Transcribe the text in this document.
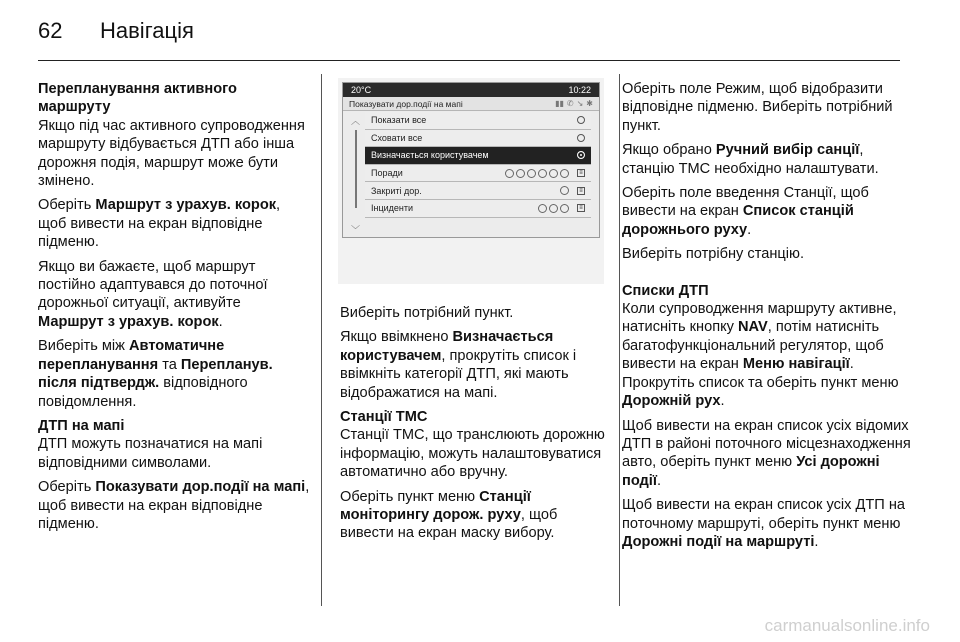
62 Навігація

Перепланування активного маршруту

Якщо під час активного супроводження маршруту відбувається ДТП або інша дорожня подія, маршрут може бути змінено.

Оберіть Маршрут з урахув. корок, щоб вивести на екран відповідне підменю.

Якщо ви бажаєте, щоб маршрут постійно адаптувався до поточної дорожньої ситуації, активуйте Маршрут з урахув. корок.

Виберіть між Автоматичне перепланування та Перепланув. після підтвердж. відповідного повідомлення.

ДТП на мапі

ДТП можуть позначатися на мапі відповідними символами.

Оберіть Показувати дор.події на мапі, щоб вивести на екран відповідне підменю.

20°C	10:22
Показувати дор.події на мапі	▮▮ ✆ ↘ ✱
︿
﹀
Показати все
Сховати все
Визначається користувачем
Поради	≡
Закриті дор.	≡
Інциденти	≡

Виберіть потрібний пункт.

Якщо ввімкнено Визначається користувачем, прокрутіть список і ввімкніть категорії ДТП, які мають відображатися на мапі.

Станції TMC

Станції TMC, що транслюють дорожню інформацію, можуть налаштовуватися автоматично або вручну.

Оберіть пункт меню Станції моніторингу дорож. руху, щоб вивести на екран маску вибору.

Оберіть поле Режим, щоб відобразити відповідне підменю. Виберіть потрібний пункт.

Якщо обрано Ручний вибір санції, станцію TMC необхідно налаштувати.

Оберіть поле введення Станції, щоб вивести на екран Список станцій дорожнього руху.

Виберіть потрібну станцію.

Списки ДТП

Коли супроводження маршруту активне, натисніть кнопку NAV, потім натисніть багатофункціональний регулятор, щоб вивести на екран Меню навігації. Прокрутіть список та оберіть пункт меню Дорожній рух.

Щоб вивести на екран список усіх відомих ДТП в районі поточного місцезнаходження авто, оберіть пункт меню Усі дорожні події.

Щоб вивести на екран список усіх ДТП на поточному маршруті, оберіть пункт меню Дорожні події на маршруті.

carmanualsonline.info
